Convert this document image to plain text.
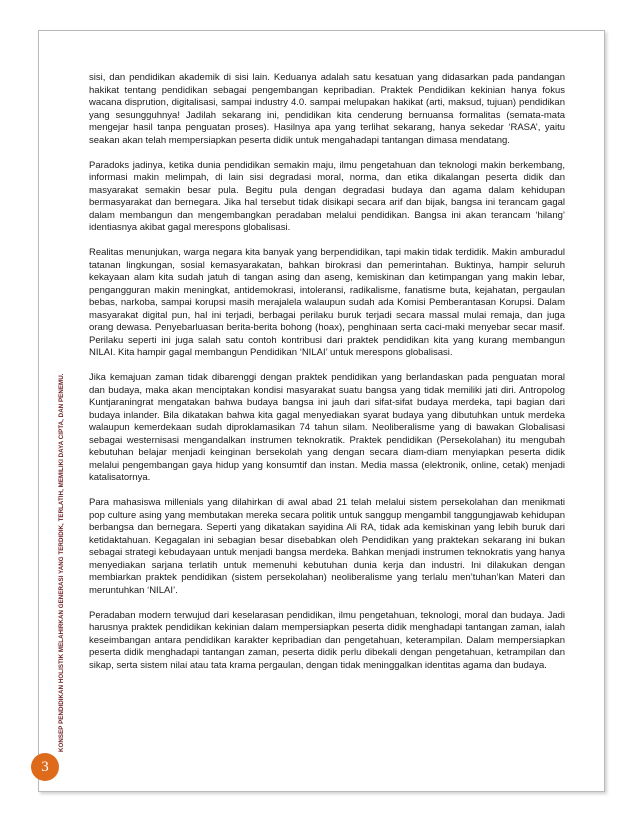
KONSEP PENDIDIKAN HOLISTIK MELAHIRKAN GENERASI YANG TERDIDIK, TERLATIH, MEMILIKI DAYA CIPTA, DAN PENEMU.

sisi, dan pendidikan akademik di sisi lain. Keduanya adalah satu kesatuan yang didasarkan pada pandangan hakikat tentang pendidikan sebagai pengembangan kepribadian. Praktek Pendidikan kekinian hanya fokus wacana disprution, digitalisasi, sampai industry 4.0. sampai melupakan hakikat (arti, maksud, tujuan) pendidikan yang sesungguhnya! Jadilah sekarang ini, pendidikan kita cenderung bernuansa formalitas (semata-mata mengejar hasil tanpa penguatan proses). Hasilnya apa yang terlihat sekarang, hanya sekedar ‘RASA’, yaitu seakan akan telah mempersiapkan peserta didik untuk mengahadapi tantangan dimasa mendatang.

Paradoks jadinya, ketika dunia pendidikan semakin maju, ilmu pengetahuan dan teknologi makin berkembang, informasi makin melimpah, di lain sisi degradasi moral, norma, dan etika dikalangan peserta didik dan masyarakat semakin besar pula. Begitu pula dengan degradasi budaya dan agama dalam kehidupan bermasyarakat dan bernegara. Jika hal tersebut tidak disikapi secara arif dan bijak, bangsa ini terancam gagal dalam membangun dan mengembangkan peradaban melalui pendidikan. Bangsa ini akan terancam ‘hilang’ identiasnya akibat gagal merespons globalisasi.

Realitas menunjukan, warga negara kita banyak yang berpendidikan, tapi makin tidak terdidik. Makin amburadul tatanan lingkungan, sosial kemasyarakatan, bahkan birokrasi dan pemerintahan. Buktinya, hampir seluruh kekayaan alam kita sudah jatuh di tangan asing dan aseng, kemiskinan dan ketimpangan yang makin lebar, pengangguran makin meningkat, antidemokrasi, intoleransi, radikalisme, fanatisme buta, kejahatan, pergaulan bebas, narkoba, sampai korupsi masih merajalela walaupun sudah ada Komisi Pemberantasan Korupsi. Dalam masyarakat digital pun, hal ini terjadi, berbagai perilaku buruk terjadi secara massal mulai remaja, dan juga orang dewasa. Penyebarluasan berita-berita bohong (hoax), penghinaan serta caci-maki menyebar secar masif. Perilaku seperti ini juga salah satu contoh kontribusi dari praktek pendidikan kita yang kurang membangun NILAI. Kita hampir gagal membangun Pendidikan ‘NILAI’ untuk merespons globalisasi.

Jika kemajuan zaman tidak dibarenggi dengan praktek pendidikan yang berlandaskan pada penguatan moral dan budaya, maka akan menciptakan kondisi masyarakat suatu bangsa yang tidak memiliki jati diri. Antropolog Kuntjaraningrat mengatakan bahwa budaya bangsa ini jauh dari sifat-sifat budaya merdeka, tapi bagian dari budaya inlander. Bila dikatakan bahwa kita gagal menyediakan syarat budaya yang dibutuhkan untuk merdeka walaupun kemerdekaan sudah diproklamasikan 74 tahun silam. Neoliberalisme yang di bawakan Globalisasi sebagai westernisasi mengandalkan instrumen teknokratik. Praktek pendidikan (Persekolahan) itu mengubah kebutuhan belajar menjadi keinginan bersekolah yang dengan secara diam-diam menyiapkan peserta didik melalui pengembangan gaya hidup yang konsumtif dan instan. Media massa (elektronik, online, cetak) menjadi katalisatornya.

Para mahasiswa millenials yang dilahirkan di awal abad 21 telah melalui sistem persekolahan dan menikmati pop culture asing yang membutakan mereka secara politik untuk sanggup mengambil tanggungjawab kehidupan berbangsa dan bernegara. Seperti yang dikatakan sayidina Ali RA, tidak ada kemiskinan yang lebih buruk dari ketidaktahuan. Kegagalan ini sebagian besar disebabkan oleh Pendidikan yang praktekan sekarang ini bukan sebagai strategi kebudayaan untuk menjadi bangsa merdeka. Bahkan menjadi instrumen teknokratis yang hanya menyediakan sarjana terlatih untuk memenuhi kebutuhan dunia kerja dan industri. Ini dilakukan dengan membiarkan praktek pendidikan (sistem persekolahan) neoliberalisme yang terlalu men’tuhan’kan Materi dan meruntuhkan ‘NILAI’.

Peradaban modern terwujud dari keselarasan pendidikan, ilmu pengetahuan, teknologi, moral dan budaya. Jadi harusnya praktek pendidikan kekinian dalam mempersiapkan peserta didik menghadapi tantangan zaman, ialah keseimbangan antara pendidikan karakter kepribadian dan pengetahuan, keterampilan. Dalam mempersiapkan peserta didik menghadapi tantangan zaman, peserta didik perlu dibekali dengan pengetahuan, ketrampilan dan sikap, serta sistem nilai atau tata krama pergaulan, dengan tidak meninggalkan identitas agama dan budaya.

3
